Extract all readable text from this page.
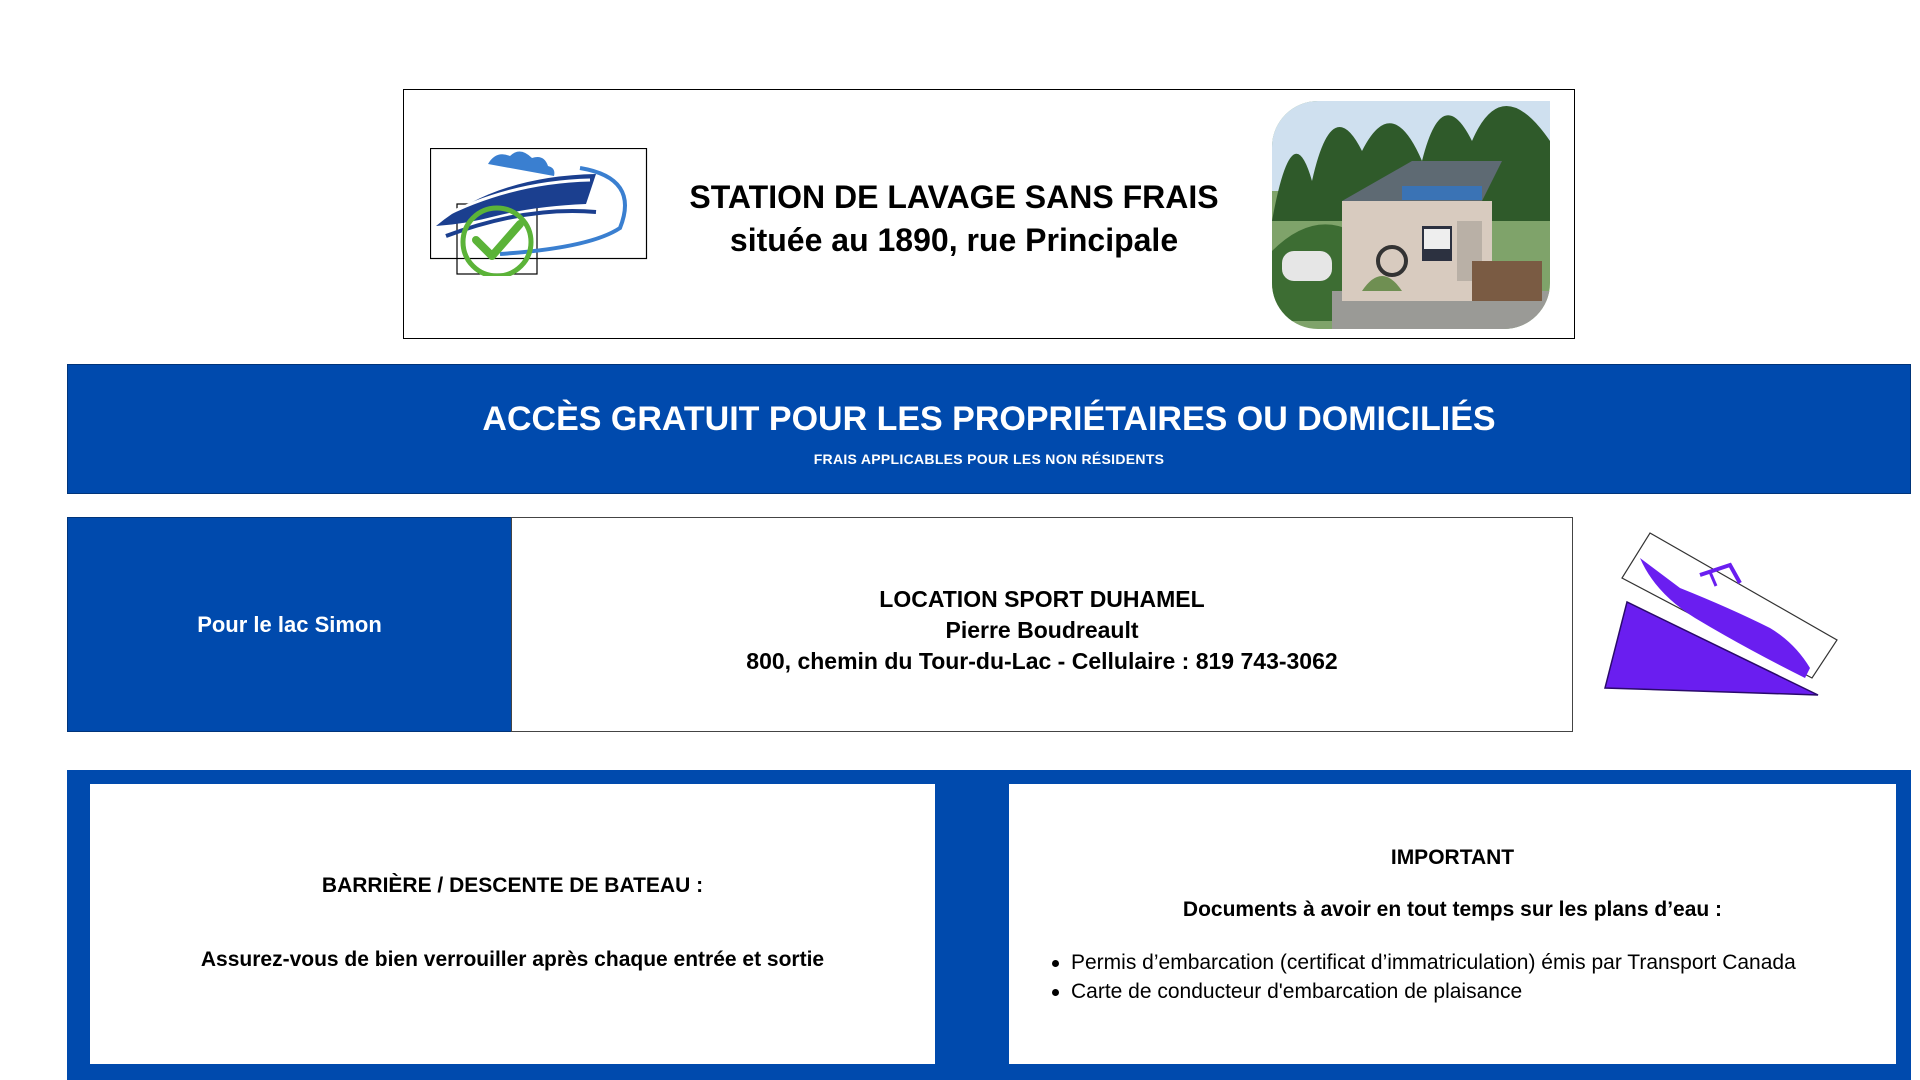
STATION DE LAVAGE SANS FRAIS
située au 1890, rue Principale
ACCÈS GRATUIT POUR LES PROPRIÉTAIRES OU DOMICILIÉS
FRAIS APPLICABLES POUR LES NON RÉSIDENTS
Pour le lac Simon
LOCATION SPORT DUHAMEL
Pierre Boudreault
800, chemin du Tour-du-Lac - Cellulaire : 819 743-3062
BARRIÈRE / DESCENTE DE BATEAU :
Assurez-vous de bien verrouiller après chaque entrée et sortie
IMPORTANT
Documents à avoir en tout temps sur les plans d’eau :
Permis d’embarcation (certificat d’immatriculation) émis par Transport Canada
Carte de conducteur d'embarcation de plaisance
